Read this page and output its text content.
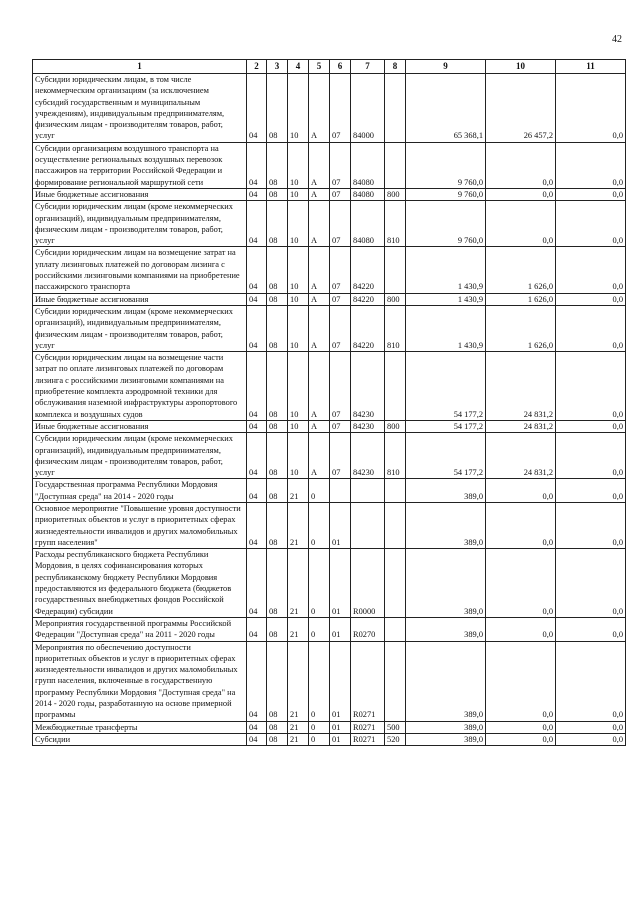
42
1	2	3	4	5	6	7	8	9	10	11
Субсидии юридическим лицам, в том числе некоммерческим организациям (за исключением субсидий государственным и муниципальным учреждениям), индивидуальным предпринимателям, физическим лицам - производителям товаров, работ, услуг	04	08	10	А	07	84000		65 368,1	26 457,2	0,0
Субсидии организациям воздушного транспорта на осуществление региональных воздушных перевозок пассажиров на территории Российской Федерации и формирование региональной маршрутной сети	04	08	10	А	07	84080		9 760,0	0,0	0,0
Иные бюджетные ассигнования	04	08	10	А	07	84080	800	9 760,0	0,0	0,0
Субсидии юридическим лицам (кроме некоммерческих организаций), индивидуальным предпринимателям, физическим лицам - производителям товаров, работ, услуг	04	08	10	А	07	84080	810	9 760,0	0,0	0,0
Субсидии юридическим лицам на возмещение затрат на уплату лизинговых платежей по договорам лизинга с российскими лизинговыми компаниями на приобретение пассажирского транспорта	04	08	10	А	07	84220		1 430,9	1 626,0	0,0
Иные бюджетные ассигнования	04	08	10	А	07	84220	800	1 430,9	1 626,0	0,0
Субсидии юридическим лицам (кроме некоммерческих организаций), индивидуальным предпринимателям, физическим лицам - производителям товаров, работ, услуг	04	08	10	А	07	84220	810	1 430,9	1 626,0	0,0
Субсидии юридическим лицам на возмещение части затрат по оплате лизинговых платежей по договорам лизинга с российскими лизинговыми компаниями на приобретение комплекта аэродромной техники для обслуживания наземной инфраструктуры аэропортового комплекса и воздушных судов	04	08	10	А	07	84230		54 177,2	24 831,2	0,0
Иные бюджетные ассигнования	04	08	10	А	07	84230	800	54 177,2	24 831,2	0,0
Субсидии юридическим лицам (кроме некоммерческих организаций), индивидуальным предпринимателям, физическим лицам - производителям товаров, работ, услуг	04	08	10	А	07	84230	810	54 177,2	24 831,2	0,0
Государственная программа Республики Мордовия "Доступная среда" на 2014 - 2020 годы	04	08	21	0				389,0	0,0	0,0
Основное мероприятие "Повышение уровня доступности приоритетных объектов и услуг в приоритетных сферах жизнедеятельности инвалидов и других маломобильных групп населения"	04	08	21	0	01			389,0	0,0	0,0
Расходы республиканского бюджета Республики Мордовия, в целях софинансирования которых республиканскому бюджету Республики Мордовия предоставляются из федерального бюджета (бюджетов государственных внебюджетных фондов Российской Федерации) субсидии	04	08	21	0	01	R0000		389,0	0,0	0,0
Мероприятия государственной программы Российской Федерации "Доступная среда" на 2011 - 2020 годы	04	08	21	0	01	R0270		389,0	0,0	0,0
Мероприятия по обеспечению доступности приоритетных объектов и услуг в приоритетных сферах жизнедеятельности инвалидов и других маломобильных групп населения, включенные в государственную программу Республики Мордовия "Доступная среда" на 2014 - 2020 годы, разработанную на основе примерной программы	04	08	21	0	01	R0271		389,0	0,0	0,0
Межбюджетные трансферты	04	08	21	0	01	R0271	500	389,0	0,0	0,0
Субсидии	04	08	21	0	01	R0271	520	389,0	0,0	0,0
